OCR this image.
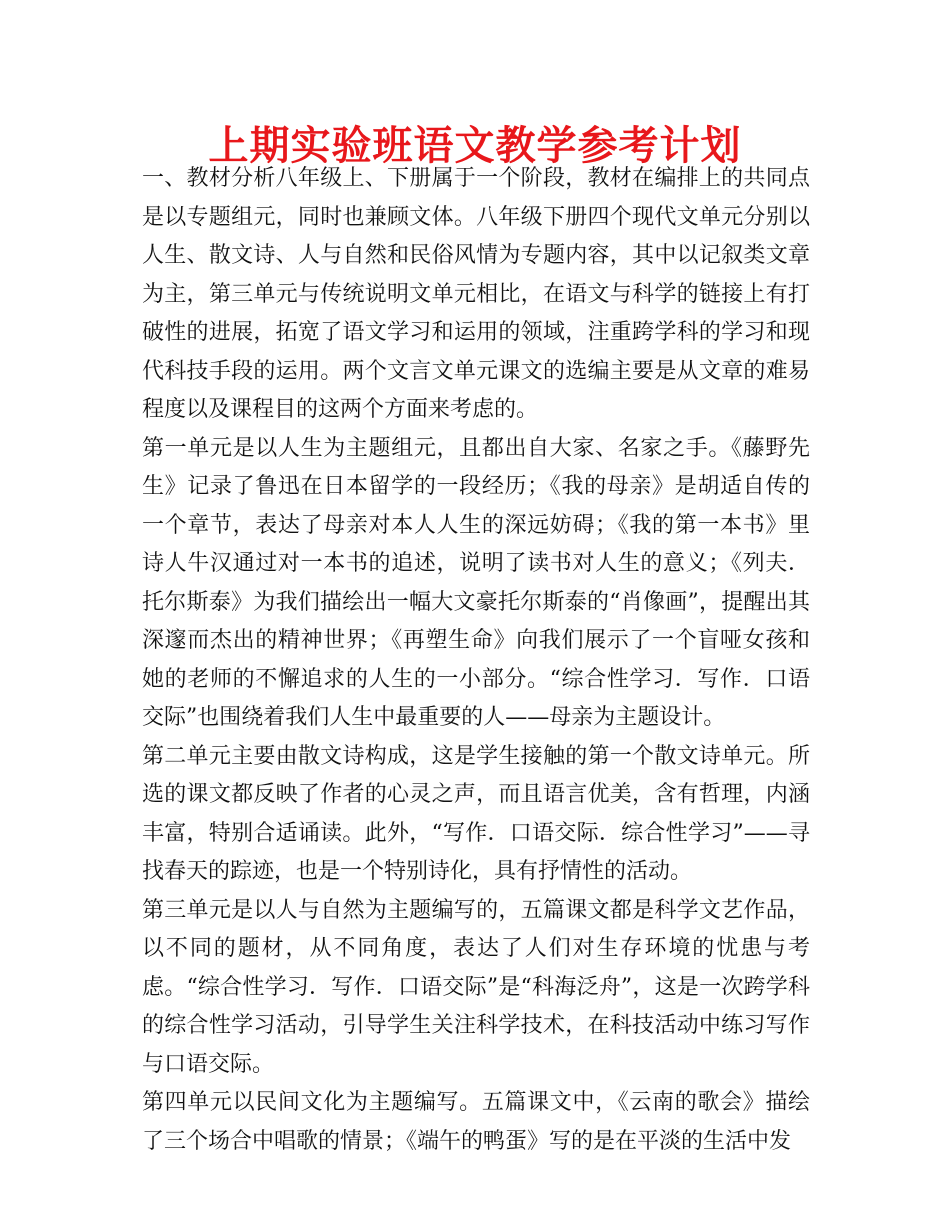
上期实验班语文教学参考计划

一、教材分析八年级上、下册属于一个阶段，教材在编排上的共同点是以专题组元，同时也兼顾文体。八年级下册四个现代文单元分别以人生、散文诗、人与自然和民俗风情为专题内容，其中以记叙类文章为主，第三单元与传统说明文单元相比，在语文与科学的链接上有打破性的进展，拓宽了语文学习和运用的领域，注重跨学科的学习和现代科技手段的运用。两个文言文单元课文的选编主要是从文章的难易程度以及课程目的这两个方面来考虑的。

第一单元是以人生为主题组元，且都出自大家、名家之手。《藤野先生》记录了鲁迅在日本留学的一段经历；《我的母亲》是胡适自传的一个章节，表达了母亲对本人人生的深远妨碍；《我的第一本书》里诗人牛汉通过对一本书的追述，说明了读书对人生的意义；《列夫．托尔斯泰》为我们描绘出一幅大文豪托尔斯泰的“肖像画”，提醒出其深邃而杰出的精神世界；《再塑生命》向我们展示了一个盲哑女孩和她的老师的不懈追求的人生的一小部分。“综合性学习．写作．口语交际”也围绕着我们人生中最重要的人——母亲为主题设计。

第二单元主要由散文诗构成，这是学生接触的第一个散文诗单元。所选的课文都反映了作者的心灵之声，而且语言优美，含有哲理，内涵丰富，特别合适诵读。此外，“写作．口语交际．综合性学习”——寻找春天的踪迹，也是一个特别诗化，具有抒情性的活动。

第三单元是以人与自然为主题编写的，五篇课文都是科学文艺作品，以不同的题材，从不同角度，表达了人们对生存环境的忧患与考虑。“综合性学习．写作．口语交际”是“科海泛舟”，这是一次跨学科的综合性学习活动，引导学生关注科学技术，在科技活动中练习写作与口语交际。

第四单元以民间文化为主题编写。五篇课文中，《云南的歌会》描绘了三个场合中唱歌的情景；《端午的鸭蛋》写的是在平淡的生活中发
